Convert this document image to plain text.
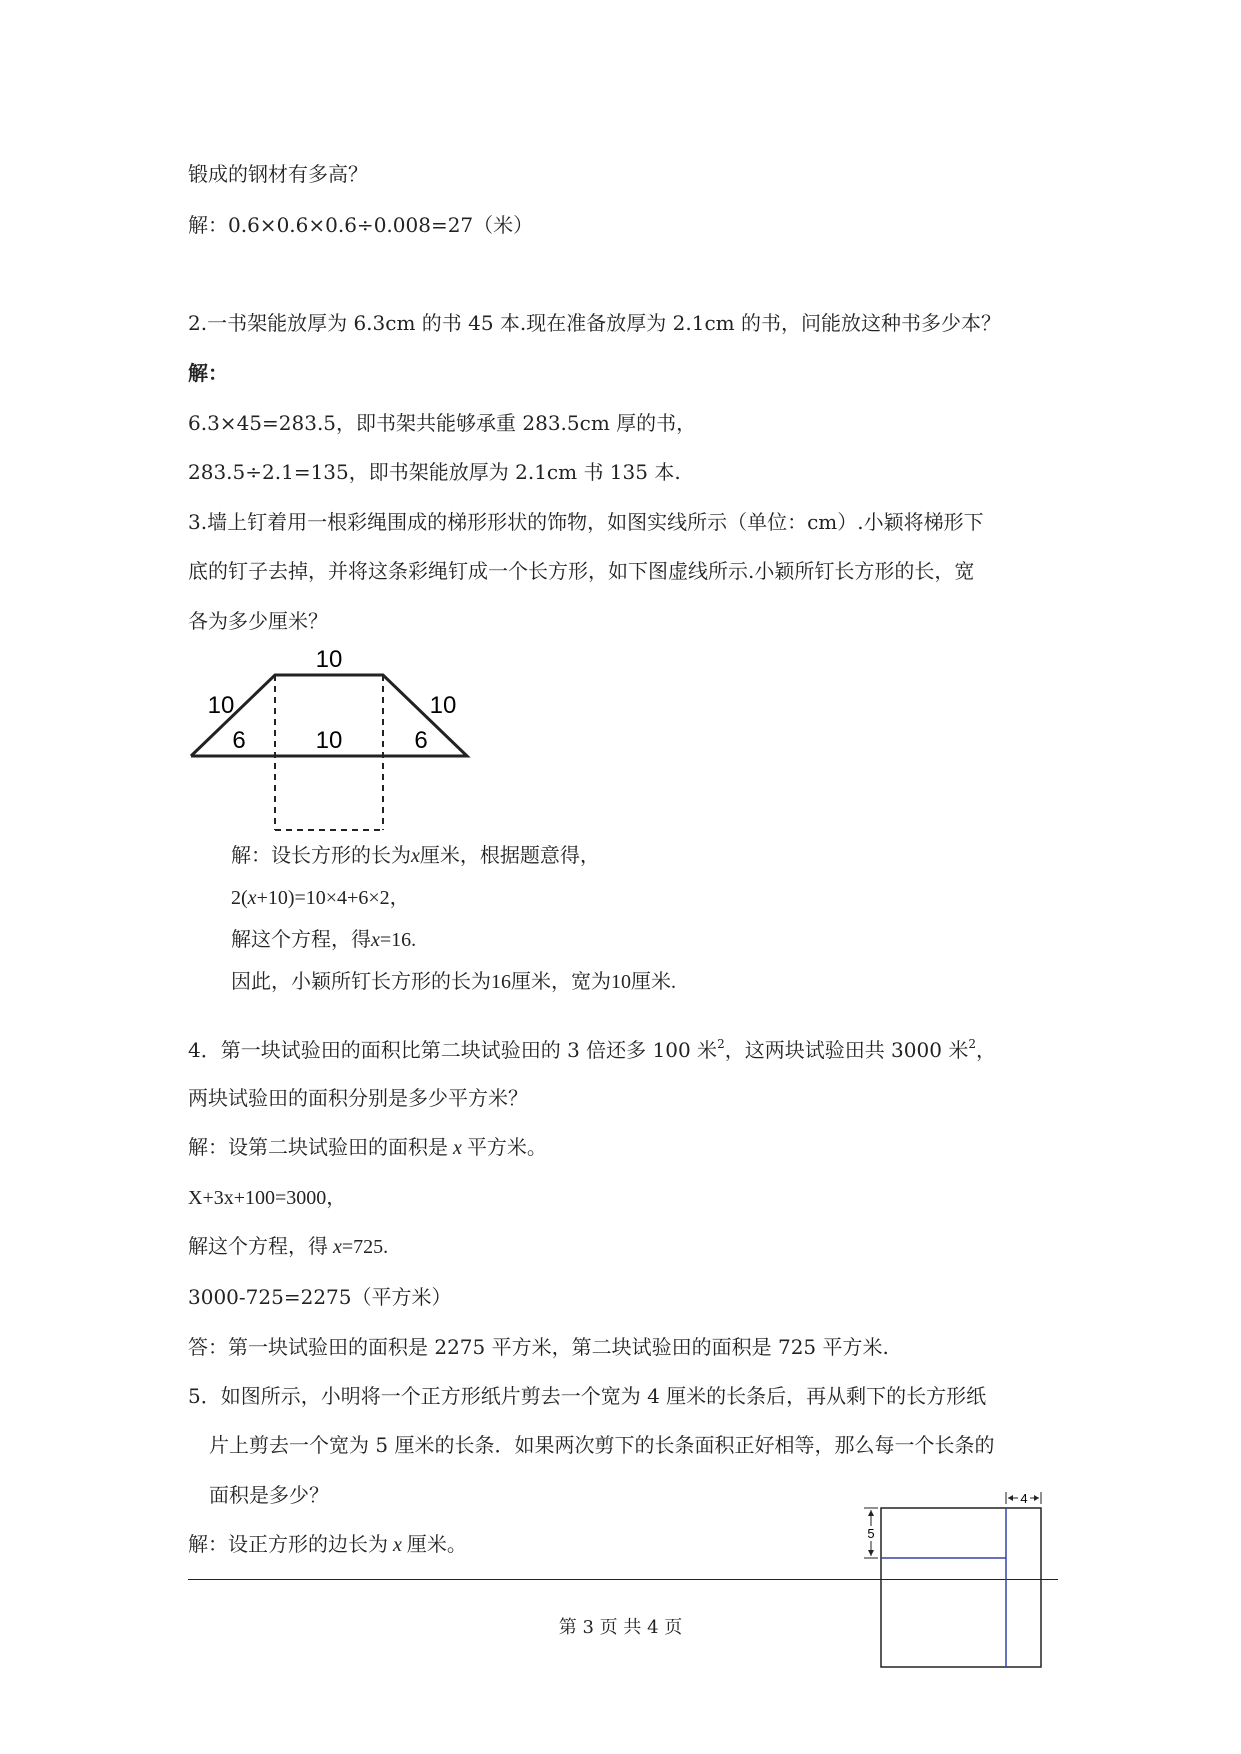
锻成的钢材有多高？
解：0.6×0.6×0.6÷0.008=27（米）
2.一书架能放厚为 6.3cm 的书 45 本.现在准备放厚为 2.1cm 的书，问能放这种书多少本？
解：
6.3×45=283.5，即书架共能够承重 283.5cm 厚的书，
283.5÷2.1=135，即书架能放厚为 2.1cm 书 135 本.
3.墙上钉着用一根彩绳围成的梯形形状的饰物，如图实线所示（单位：cm）.小颖将梯形下
底的钉子去掉，并将这条彩绳钉成一个长方形，如下图虚线所示.小颖所钉长方形的长，宽
各为多少厘米？
10
10	10
6	10	6
解：设长方形的长为x厘米，根据题意得，
2(x+10)=10×4+6×2，
解这个方程，得x=16.
因此，小颖所钉长方形的长为16厘米，宽为10厘米.
4．第一块试验田的面积比第二块试验田的 3 倍还多 100 米$^2$，这两块试验田共 3000 米$^2$，
两块试验田的面积分别是多少平方米？
解：设第二块试验田的面积是 x 平方米。
X+3x+100=3000，
解这个方程，得 x=725.
3000-725=2275（平方米）
答：第一块试验田的面积是 2275 平方米，第二块试验田的面积是 725 平方米.
5．如图所示，小明将一个正方形纸片剪去一个宽为 4 厘米的长条后，再从剩下的长方形纸
片上剪去一个宽为 5 厘米的长条．如果两次剪下的长条面积正好相等，那么每一个长条的
面积是多少？
解：设正方形的边长为 x 厘米。
第 3 页 共 4 页
4
5
